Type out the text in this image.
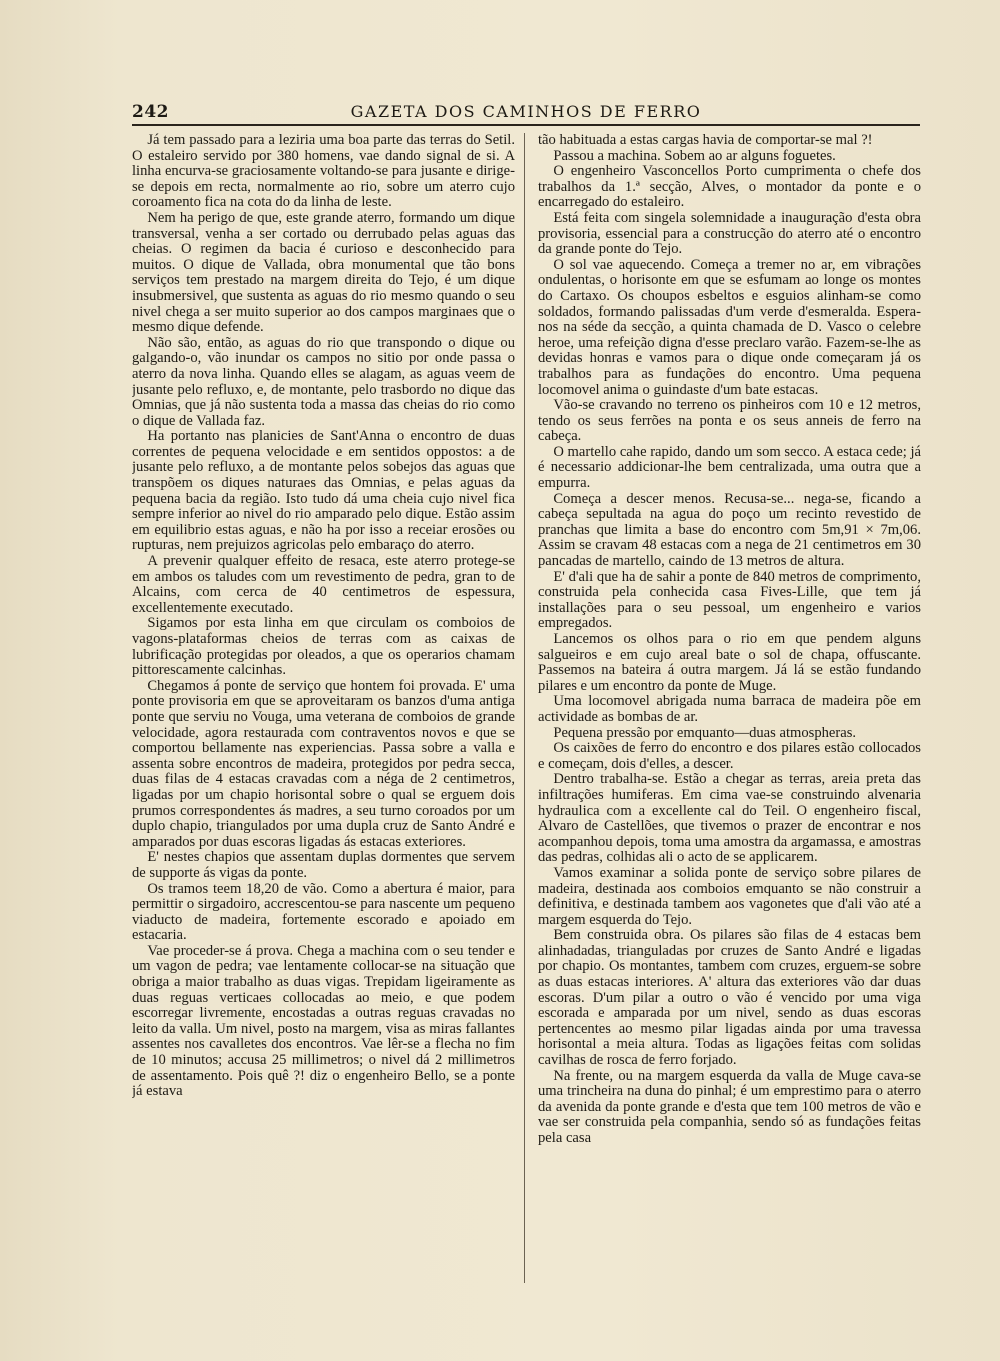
242	GAZETA DOS CAMINHOS DE FERRO

Já tem passado para a leziria uma boa parte das terras do Setil. O estaleiro servido por 380 homens, vae dando signal de si. A linha encurva-se graciosamente voltando-se para jusante e dirige-se depois em recta, normalmente ao rio, sobre um aterro cujo coroamento fica na cota do da linha de leste.

Nem ha perigo de que, este grande aterro, formando um dique transversal, venha a ser cortado ou derrubado pelas aguas das cheias. O regimen da bacia é curioso e desconhecido para muitos. O dique de Vallada, obra monumental que tão bons serviços tem prestado na margem direita do Tejo, é um dique insubmersivel, que sustenta as aguas do rio mesmo quando o seu nivel chega a ser muito superior ao dos campos marginaes que o mesmo dique defende.

Não são, então, as aguas do rio que transpondo o dique ou galgando-o, vão inundar os campos no sitio por onde passa o aterro da nova linha. Quando elles se alagam, as aguas veem de jusante pelo refluxo, e, de montante, pelo trasbordo no dique das Omnias, que já não sustenta toda a massa das cheias do rio como o dique de Vallada faz.

Ha portanto nas planicies de Sant'Anna o encontro de duas correntes de pequena velocidade e em sentidos oppostos: a de jusante pelo refluxo, a de montante pelos sobejos das aguas que transpõem os diques naturaes das Omnias, e pelas aguas da pequena bacia da região. Isto tudo dá uma cheia cujo nivel fica sempre inferior ao nivel do rio amparado pelo dique. Estão assim em equilibrio estas aguas, e não ha por isso a receiar erosões ou rupturas, nem prejuizos agricolas pelo embaraço do aterro.

A prevenir qualquer effeito de resaca, este aterro protege-se em ambos os taludes com um revestimento de pedra, gran to de Alcains, com cerca de 40 centimetros de espessura, excellentemente executado.

Sigamos por esta linha em que circulam os comboios de vagons-plataformas cheios de terras com as caixas de lubrificação protegidas por oleados, a que os operarios chamam pittorescamente calcinhas.

Chegamos á ponte de serviço que hontem foi provada. E' uma ponte provisoria em que se aproveitaram os banzos d'uma antiga ponte que serviu no Vouga, uma veterana de comboios de grande velocidade, agora restaurada com contraventos novos e que se comportou bellamente nas experiencias. Passa sobre a valla e assenta sobre encontros de madeira, protegidos por pedra secca, duas filas de 4 estacas cravadas com a négа de 2 centimetros, ligadas por um chapio horisontal sobre o qual se erguem dois prumos correspondentes ás madres, a seu turno coroados por um duplo chapio, triangulados por uma dupla cruz de Santo André e amparados por duas escoras ligadas ás estacas exteriores.

E' nestes chapios que assentam duplas dormentes que servem de supporte ás vigas da ponte.

Os tramos teem 18,20 de vão. Como a abertura é maior, para permittir o sirgadoiro, accrescentou-se para nascente um pequeno viaducto de madeira, fortemente escorado e apoiado em estacaria.

Vae proceder-se á prova. Chega a machina com o seu tender e um vagon de pedra; vae lentamente collocar-se na situação que obriga a maior trabalho as duas vigas. Trepidam ligeiramente as duas reguas verticaes collocadas ao meio, e que podem escorregar livremente, encostadas a outras reguas cravadas no leito da valla. Um nivel, posto na margem, visa as miras fallantes assentes nos cavalletes dos encontros. Vae lêr-se a flecha no fim de 10 minutos; accusa 25 millimetros; o nivel dá 2 millimetros de assentamento. Pois quê ?! diz o engenheiro Bello, se a ponte já estava

tão habituada a estas cargas havia de comportar-se mal ?!

Passou a machina. Sobem ao ar alguns foguetes.

O engenheiro Vasconcellos Porto cumprimenta o chefe dos trabalhos da 1.ª secção, Alves, o montador da ponte e o encarregado do estaleiro.

Está feita com singela solemnidade a inauguração d'esta obra provisoria, essencial para a construcção do aterro até o encontro da grande ponte do Tejo.

O sol vae aquecendo. Começa a tremer no ar, em vibrações ondulentas, o horisonte em que se esfumam ao longe os montes do Cartaxo. Os choupos esbeltos e esguios alinham-se como soldados, formando palissadas d'um verde d'esmeralda. Espera-nos na séde da secção, a quinta chamada de D. Vasco o celebre heroe, uma refeição digna d'esse preclaro varão. Fazem-se-lhe as devidas honras e vamos para o dique onde começaram já os trabalhos para as fundações do encontro. Uma pequena locomovel anima o guindaste d'um bate estacas.

Vão-se cravando no terreno os pinheiros com 10 e 12 metros, tendo os seus ferrões na ponta e os seus anneis de ferro na cabeça.

O martello cahe rapido, dando um som secco. A estaca cede; já é necessario addicionar-lhe bem centralizada, uma outra que a empurra.

Começa a descer menos. Recusa-se... nega-se, ficando a cabeça sepultada na agua do poço um recinto revestido de pranchas que limita a base do encontro com 5m,91 × 7m,06. Assim se cravam 48 estacas com a nega de 21 centimetros em 30 pancadas de martello, caindo de 13 metros de altura.

E' d'ali que ha de sahir a ponte de 840 metros de comprimento, construida pela conhecida casa Fives-Lille, que tem já installações para o seu pessoal, um engenheiro e varios empregados.

Lancemos os olhos para o rio em que pendem alguns salgueiros e em cujo areal bate o sol de chapa, offuscante. Passemos na bateira á outra margem. Já lá se estão fundando pilares e um encontro da ponte de Muge.

Uma locomovel abrigada numa barraca de madeira põe em actividade as bombas de ar.

Pequena pressão por emquanto—duas atmospheras.

Os caixões de ferro do encontro e dos pilares estão collocados e começam, dois d'elles, a descer.

Dentro trabalha-se. Estão a chegar as terras, areia preta das infiltrações humiferas. Em cima vae-se construindo alvenaria hydraulica com a excellente cal do Teil. O engenheiro fiscal, Alvaro de Castellões, que tivemos o prazer de encontrar e nos acompanhou depois, toma uma amostra da argamassa, e amostras das pedras, colhidas ali o acto de se applicarem.

Vamos examinar a solida ponte de serviço sobre pilares de madeira, destinada aos comboios emquanto se não construir a definitiva, e destinada tambem aos vagonetes que d'ali vão até a margem esquerda do Tejo.

Bem construida obra. Os pilares são filas de 4 estacas bem alinhadadas, trianguladas por cruzes de Santo André e ligadas por chapio. Os montantes, tambem com cruzes, erguem-se sobre as duas estacas interiores. A' altura das exteriores vão dar duas escoras. D'um pilar a outro o vão é vencido por uma viga escorada e amparada por um nivel, sendo as duas escoras pertencentes ao mesmo pilar ligadas ainda por uma travessa horisontal a meia altura. Todas as ligações feitas com solidas cavilhas de rosca de ferro forjado.

Na frente, ou na margem esquerda da valla de Muge cava-se uma trincheira na duna do pinhal; é um emprestimo para o aterro da avenida da ponte grande e d'esta que tem 100 metros de vão e vae ser construida pela companhia, sendo só as fundações feitas pela casa
